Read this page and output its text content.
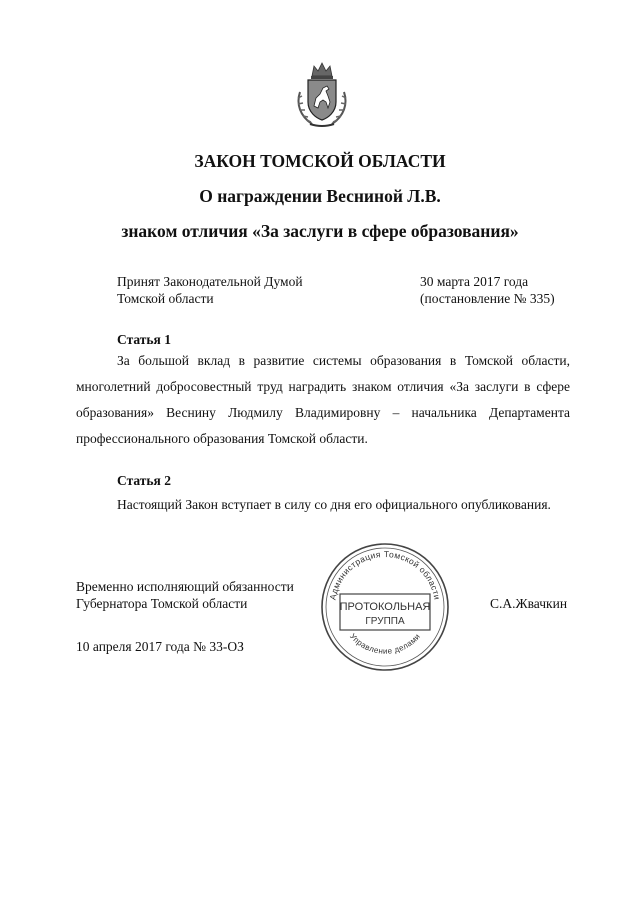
ЗАКОН ТОМСКОЙ ОБЛАСТИ
О награждении Весниной Л.В.
знаком отличия «За заслуги в сфере образования»
Принят Законодательной Думой
Томской области
30 марта 2017 года
(постановление № 335)
Статья 1

За большой вклад в развитие системы образования в Томской области, многолетний добросовестный труд наградить знаком отличия «За заслуги в сфере образования» Веснину Людмилу Владимировну – начальника Департамента профессионального образования Томской области.

Статья 2

Настоящий Закон вступает в силу со дня его официального опубликования.

Временно исполняющий обязанности
Губернатора Томской области	С.А.Жвачкин
Администрация Томской области
ПРОТОКОЛЬНАЯ
ГРУППА
Управление делами
10 апреля 2017 года № 33-ОЗ
